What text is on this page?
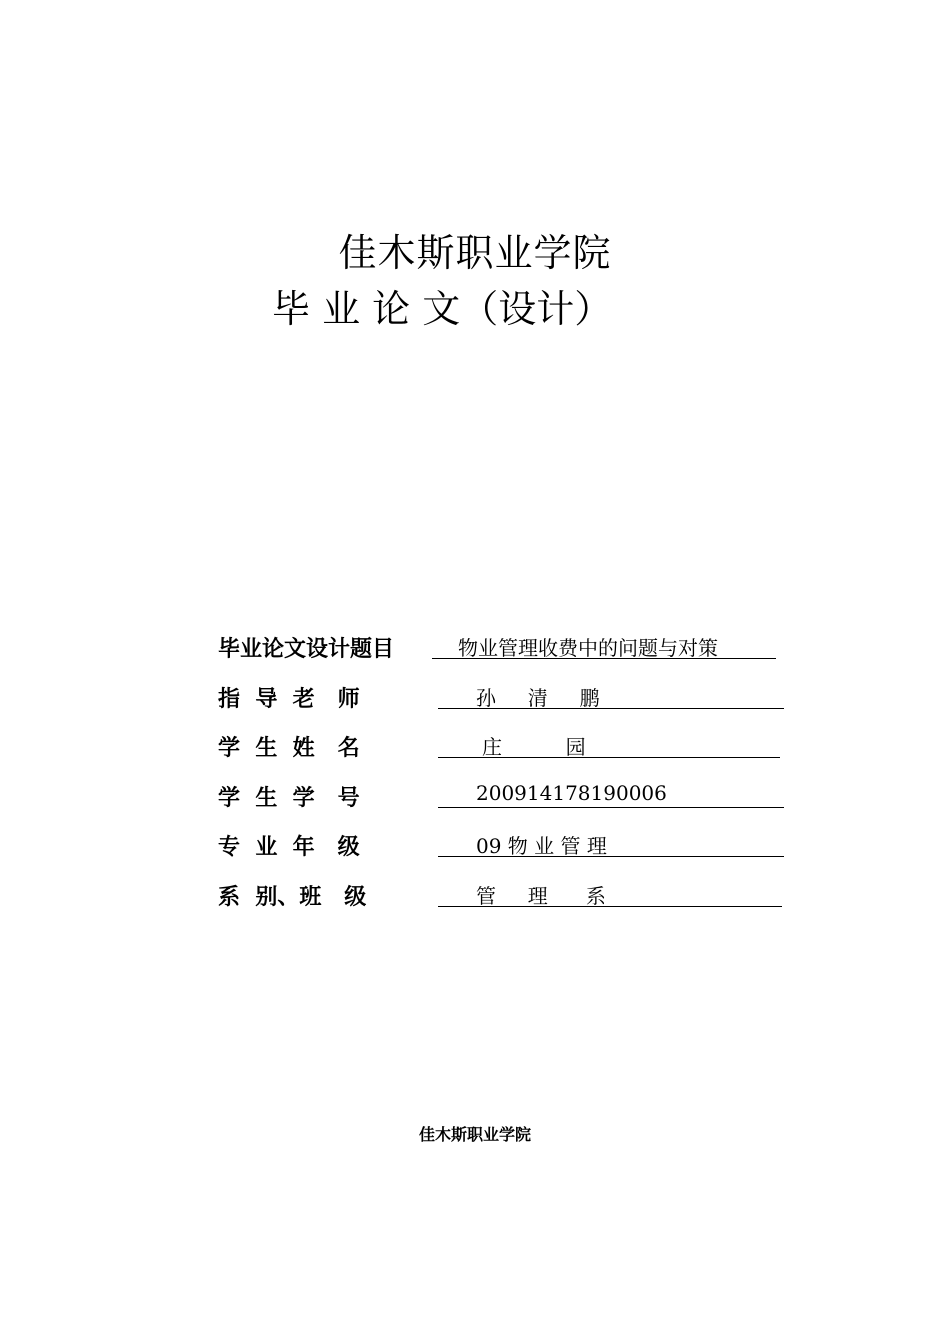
佳木斯职业学院
毕 业 论 文（设计）
毕业论文设计题目	物业管理收费中的问题与对策
指  导  老   师	孙     清     鹏
学  生  姓   名	庄          园
学  生  学   号	200914178190006
专  业  年   级	09 物 业 管 理
系  别、班   级	管     理      系
佳木斯职业学院
